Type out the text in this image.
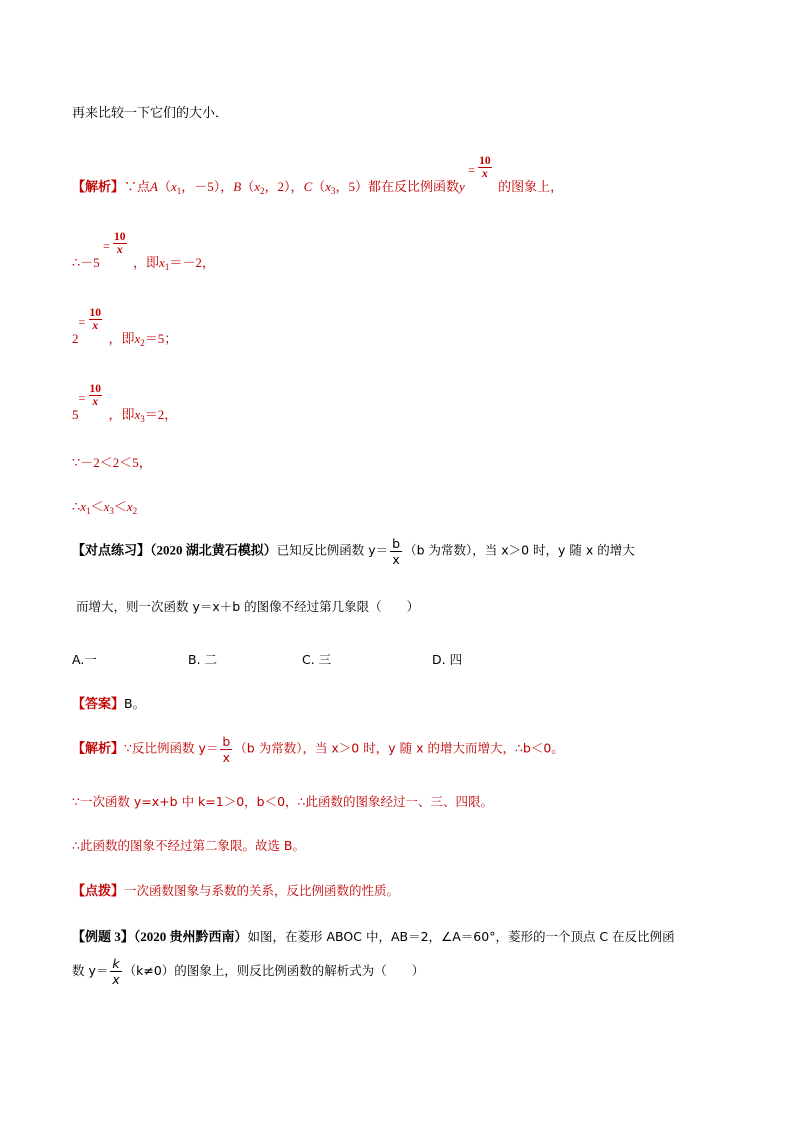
再来比较一下它们的大小．
【解析】∵点$A(x_1$，－5），$B(x_2$，2），$C(x_3$，5）都在反比例函数y
= $\frac{10}{x}$
的图象上，
∴－5
= $\frac{10}{x}$
，即$x_1=-2$，
2
= $\frac{10}{x}$
，即$x_2=5$；
5
= $\frac{10}{x}$
，即$x_3=2$，
∵－2＜2＜5，
$\therefore x_1<x_3<x_2$
【对点练习】（2020 湖北黄石模拟）已知反比例函数 $y= \frac{b}{x} (b$ 为常数），当 x＞0 时，y 随 x 的增大
而增大，则一次函数 y＝x＋b 的图像不经过第几象限（　　）
A.一	B. 二	C. 三	D. 四
【答案】B。
【解析】∵反比例函数 $y= \frac{b}{x} (b$ 为常数），当 x＞0 时，y 随 x 的增大而增大，∴b＜0。
∵一次函数 y=x+b 中 k=1＞0，b＜0，∴此函数的图象经过一、三、四限。
∴此函数的图象不经过第二象限。故选 B。
【点拨】一次函数图象与系数的关系，反比例函数的性质。
【例题 3】（2020 贵州黔西南）如图，在菱形 ABOC 中，AB＝2，∠A＝60°，菱形的一个顶点 C 在反比例函
数 $y= \frac{k}{x} (k\ne 0)$的图象上，则反比例函数的解析式为（　　）
